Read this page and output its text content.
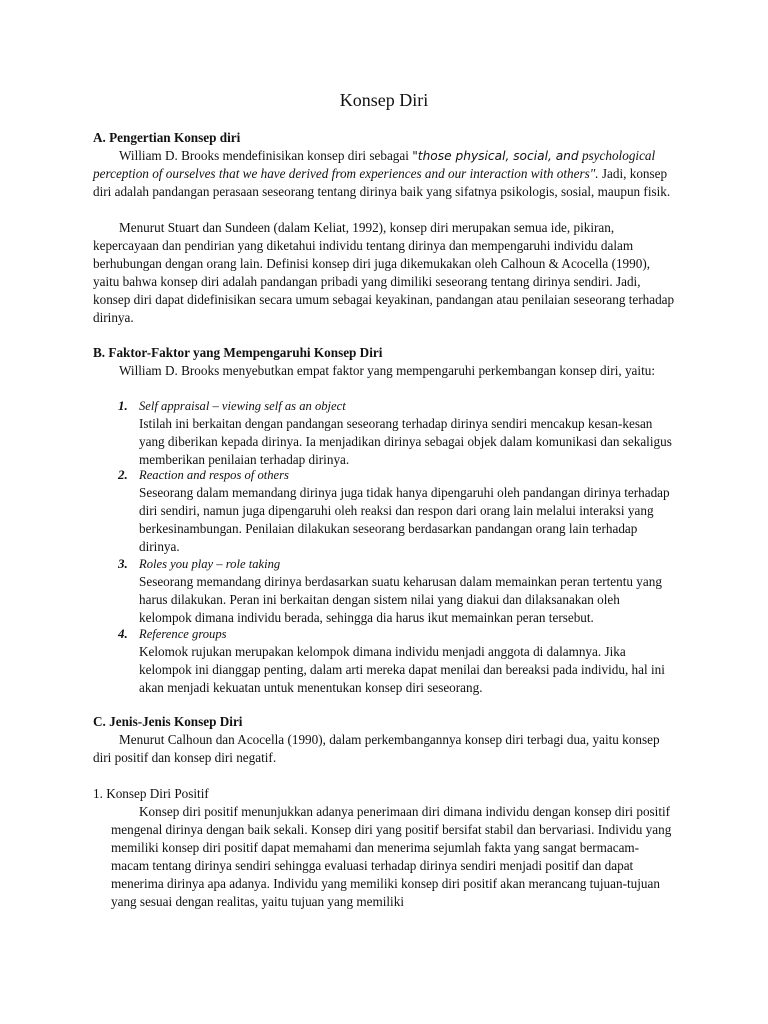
Konsep Diri
A. Pengertian Konsep diri

William D. Brooks mendefinisikan konsep diri sebagai "those physical, social, and psychological perception of ourselves that we have derived from experiences and our interaction with others". Jadi, konsep diri adalah pandangan perasaan seseorang tentang dirinya baik yang sifatnya psikologis, sosial, maupun fisik.

Menurut Stuart dan Sundeen (dalam Keliat, 1992), konsep diri merupakan semua ide, pikiran, kepercayaan dan pendirian yang diketahui individu tentang dirinya dan mempengaruhi individu dalam berhubungan dengan orang lain. Definisi konsep diri juga dikemukakan oleh Calhoun & Acocella (1990), yaitu bahwa konsep diri adalah pandangan pribadi yang dimiliki seseorang tentang dirinya sendiri. Jadi, konsep diri dapat didefinisikan secara umum sebagai keyakinan, pandangan atau penilaian seseorang terhadap dirinya.

B. Faktor-Faktor yang Mempengaruhi Konsep Diri

William D. Brooks menyebutkan empat faktor yang mempengaruhi perkembangan konsep diri, yaitu:

1. Self appraisal – viewing self as an object

Istilah ini berkaitan dengan pandangan seseorang terhadap dirinya sendiri mencakup kesan-kesan yang diberikan kepada dirinya. Ia menjadikan dirinya sebagai objek dalam komunikasi dan sekaligus memberikan penilaian terhadap dirinya.

2. Reaction and respos of others

Seseorang dalam memandang dirinya juga tidak hanya dipengaruhi oleh pandangan dirinya terhadap diri sendiri, namun juga dipengaruhi oleh reaksi dan respon dari orang lain melalui interaksi yang berkesinambungan. Penilaian dilakukan seseorang berdasarkan pandangan orang lain terhadap dirinya.

3. Roles you play – role taking

Seseorang memandang dirinya berdasarkan suatu keharusan dalam memainkan peran tertentu yang harus dilakukan. Peran ini berkaitan dengan sistem nilai yang diakui dan dilaksanakan oleh kelompok dimana individu berada, sehingga dia harus ikut memainkan peran tersebut.

4. Reference groups

Kelomok rujukan merupakan kelompok dimana individu menjadi anggota di dalamnya. Jika kelompok ini dianggap penting, dalam arti mereka dapat menilai dan bereaksi pada individu, hal ini akan menjadi kekuatan untuk menentukan konsep diri seseorang.

C. Jenis-Jenis Konsep Diri

Menurut Calhoun dan Acocella (1990), dalam perkembangannya konsep diri terbagi dua, yaitu konsep diri positif dan konsep diri negatif.

1. Konsep Diri Positif

Konsep diri positif menunjukkan adanya penerimaan diri dimana individu dengan konsep diri positif mengenal dirinya dengan baik sekali. Konsep diri yang positif bersifat stabil dan bervariasi. Individu yang memiliki konsep diri positif dapat memahami dan menerima sejumlah fakta yang sangat bermacam-macam tentang dirinya sendiri sehingga evaluasi terhadap dirinya sendiri menjadi positif dan dapat menerima dirinya apa adanya. Individu yang memiliki konsep diri positif akan merancang tujuan-tujuan yang sesuai dengan realitas, yaitu tujuan yang memiliki
